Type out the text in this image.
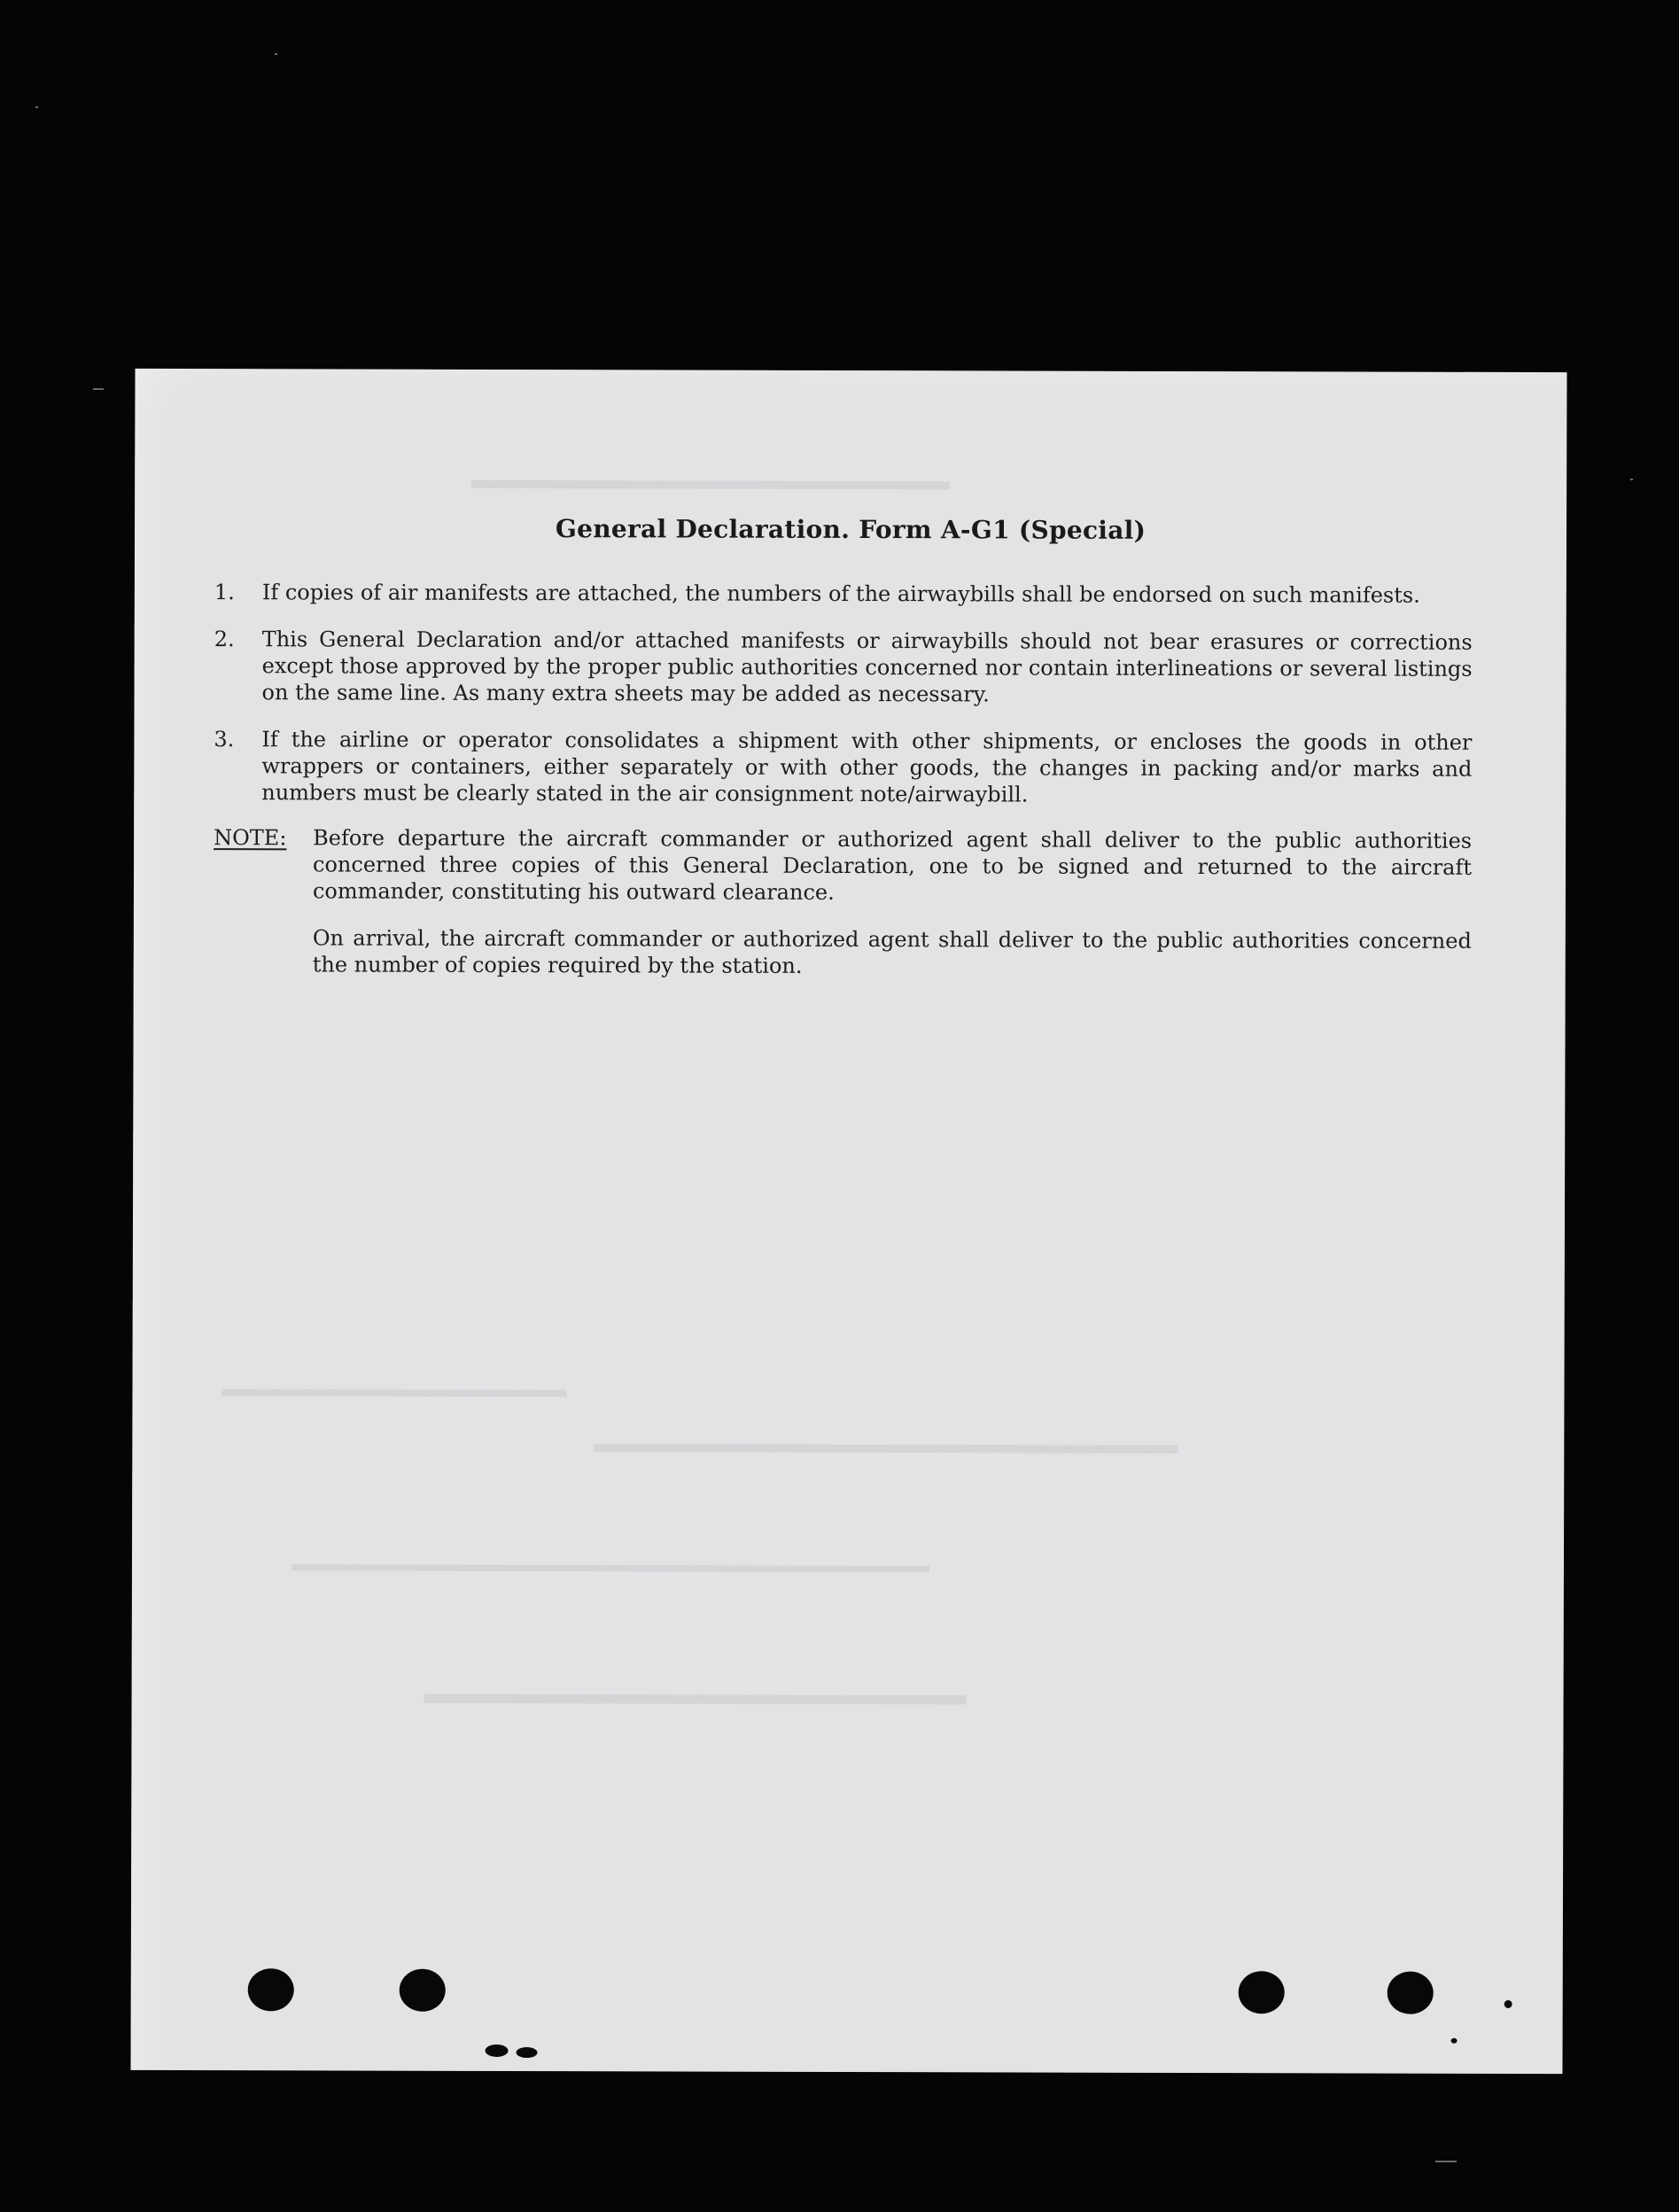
▬▬▬▬▬▬▬▬▬▬▬▬▬▬▬▬▬▬
▬▬▬▬▬▬▬▬▬▬▬▬▬▬▬
▬▬▬▬▬▬▬▬▬▬▬▬▬▬▬▬▬▬▬▬▬▬
▬▬▬▬▬▬▬▬▬▬▬▬▬▬▬▬▬▬▬▬▬▬▬▬▬▬▬▬▬▬
▬▬▬▬▬▬▬▬▬▬▬▬▬▬▬▬▬▬
General Declaration. Form A-G1 (Special)
1.	If copies of air manifests are attached, the numbers of the airwaybills shall be endorsed on such manifests.
2.	This General Declaration and/or attached manifests or airwaybills should not bear erasures or corrections except those approved by the proper public authorities concerned nor contain interlineations or several listings on the same line. As many extra sheets may be added as necessary.
3.	If the airline or operator consolidates a shipment with other shipments, or encloses the goods in other wrappers or containers, either separately or with other goods, the changes in packing and/or marks and numbers must be clearly stated in the air consignment note/airwaybill.
NOTE: Before departure the aircraft commander or authorized agent shall deliver to the public authorities concerned three copies of this General Declaration, one to be signed and returned to the aircraft commander, constituting his outward clearance.
On arrival, the aircraft commander or authorized agent shall deliver to the public authorities concerned the number of copies required by the station.
